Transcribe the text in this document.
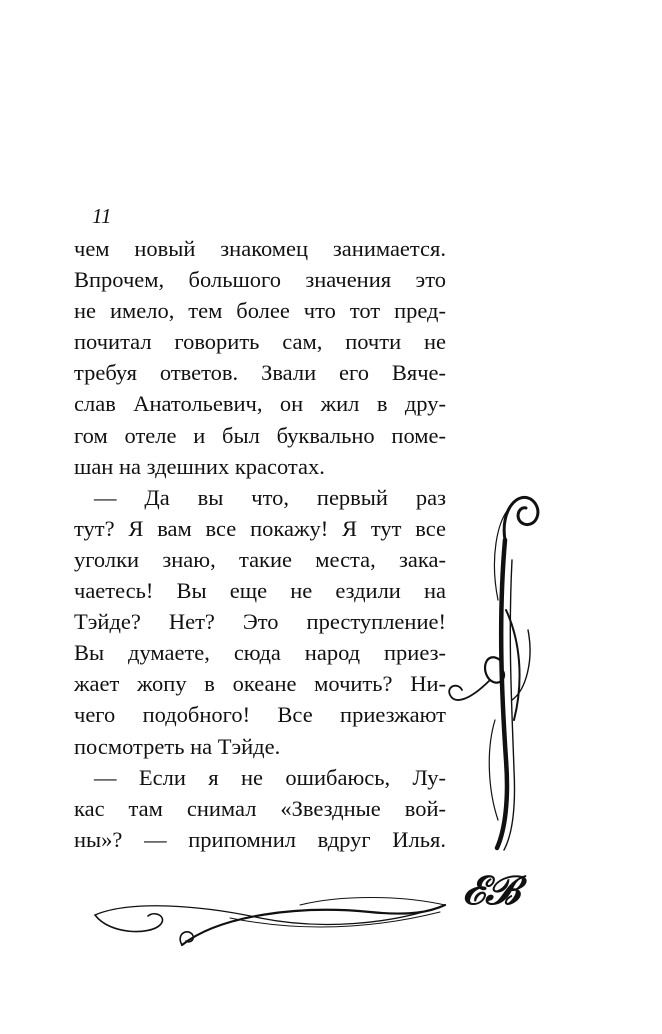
11
чем новый знакомец занимается.
Впрочем, большого значения это
не имело, тем более что тот пред-
почитал говорить сам, почти не
требуя ответов. Звали его Вяче-
слав Анатольевич, он жил в дру-
гом отеле и был буквально поме-
шан на здешних красотах.
— Да вы что, первый раз
тут? Я вам все покажу! Я тут все
уголки знаю, такие места, зака-
чаетесь! Вы еще не ездили на
Тэйде? Нет? Это преступление!
Вы думаете, сюда народ приез-
жает жопу в океане мочить? Ни-
чего подобного! Все приезжают
посмотреть на Тэйде.
— Если я не ошибаюсь, Лу-
кас там снимал «Звездные вой-
ны»? — припомнил вдруг Илья.
𝓔𝓑
